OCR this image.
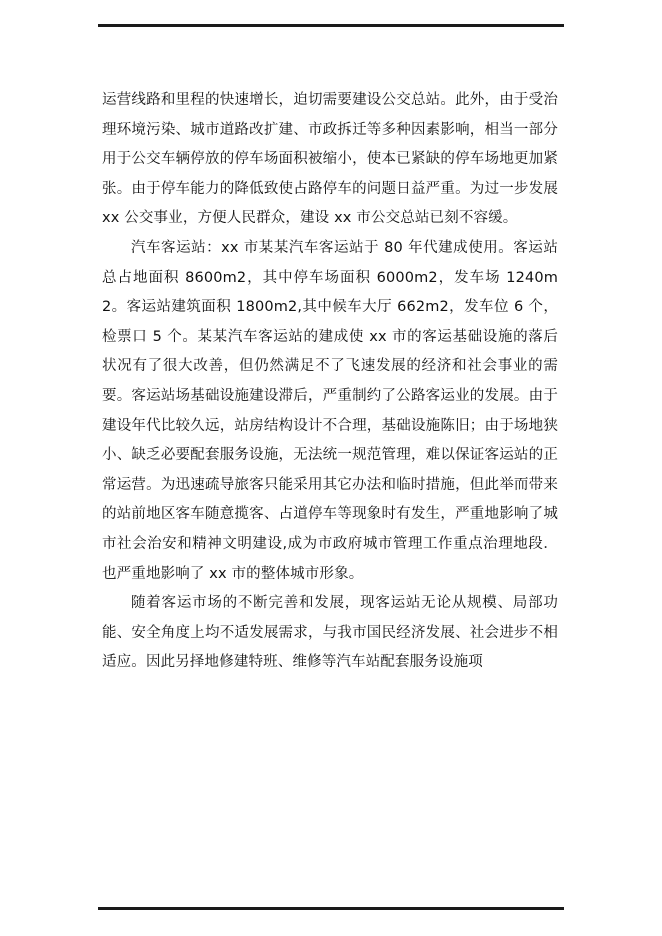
运营线路和里程的快速增长，迫切需要建设公交总站。此外，由于受治理环境污染、城市道路改扩建、市政拆迁等多种因素影响，相当一部分用于公交车辆停放的停车场面积被缩小，使本已紧缺的停车场地更加紧张。由于停车能力的降低致使占路停车的问题日益严重。为过一步发展 xx 公交事业，方便人民群众，建设 xx 市公交总站已刻不容缓。

汽车客运站：xx 市某某汽车客运站于 80 年代建成使用。客运站总占地面积 8600m2，其中停车场面积 6000m2，发车场 1240m2。客运站建筑面积 1800m2,其中候车大厅 662m2，发车位 6 个，检票口 5 个。某某汽车客运站的建成使 xx 市的客运基础设施的落后状况有了很大改善，但仍然满足不了飞速发展的经济和社会事业的需要。客运站场基础设施建设滞后，严重制约了公路客运业的发展。由于建设年代比较久远，站房结构设计不合理，基础设施陈旧；由于场地狭小、缺乏必要配套服务设施，无法统一规范管理，难以保证客运站的正常运营。为迅速疏导旅客只能采用其它办法和临时措施，但此举而带来的站前地区客车随意揽客、占道停车等现象时有发生，严重地影响了城市社会治安和精神文明建设,成为市政府城市管理工作重点治理地段．也严重地影响了 xx 市的整体城市形象。

随着客运市场的不断完善和发展，现客运站无论从规模、局部功能、安全角度上均不适发展需求，与我市国民经济发展、社会进步不相适应。因此另择地修建特班、维修等汽车站配套服务设施项
